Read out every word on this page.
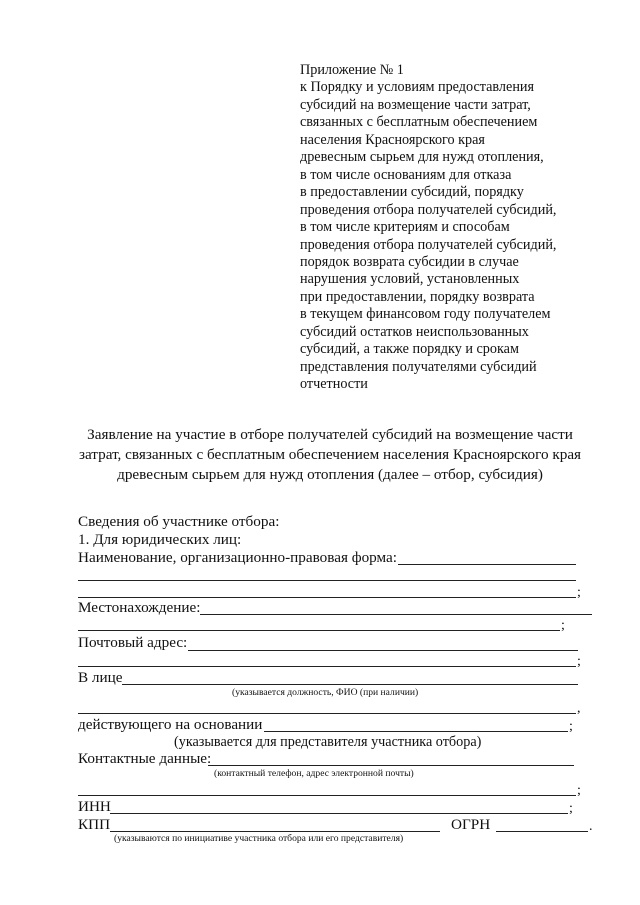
Приложение № 1
к Порядку и условиям предоставления
субсидий на возмещение части затрат,
связанных с бесплатным обеспечением
населения Красноярского края
древесным сырьем для нужд отопления,
в том числе основаниям для отказа
в предоставлении субсидий, порядку
проведения отбора получателей субсидий,
в том числе критериям и способам
проведения отбора получателей субсидий,
порядок возврата субсидии в случае
нарушения условий, установленных
при предоставлении, порядку возврата
в текущем финансовом году получателем
субсидий остатков неиспользованных
субсидий, а также порядку и срокам
представления получателями субсидий
отчетности
Заявление на участие в отборе получателей субсидий на возмещение части
затрат, связанных с бесплатным обеспечением населения Красноярского края
древесным сырьем для нужд отопления (далее – отбор, субсидия)
Сведения об участнике отбора:
1. Для юридических лиц:
Наименование, организационно-правовая форма:
;
Местонахождение:
;
Почтовый адрес:
;
В лице
(указывается должность, ФИО (при наличии)
,
действующего на основании	;
(указывается для представителя участника отбора)
Контактные данные:
(контактный телефон, адрес электронной почты)
;
ИНН	;
КПП	ОГРН	.
(указываются по инициативе участника отбора или его представителя)
